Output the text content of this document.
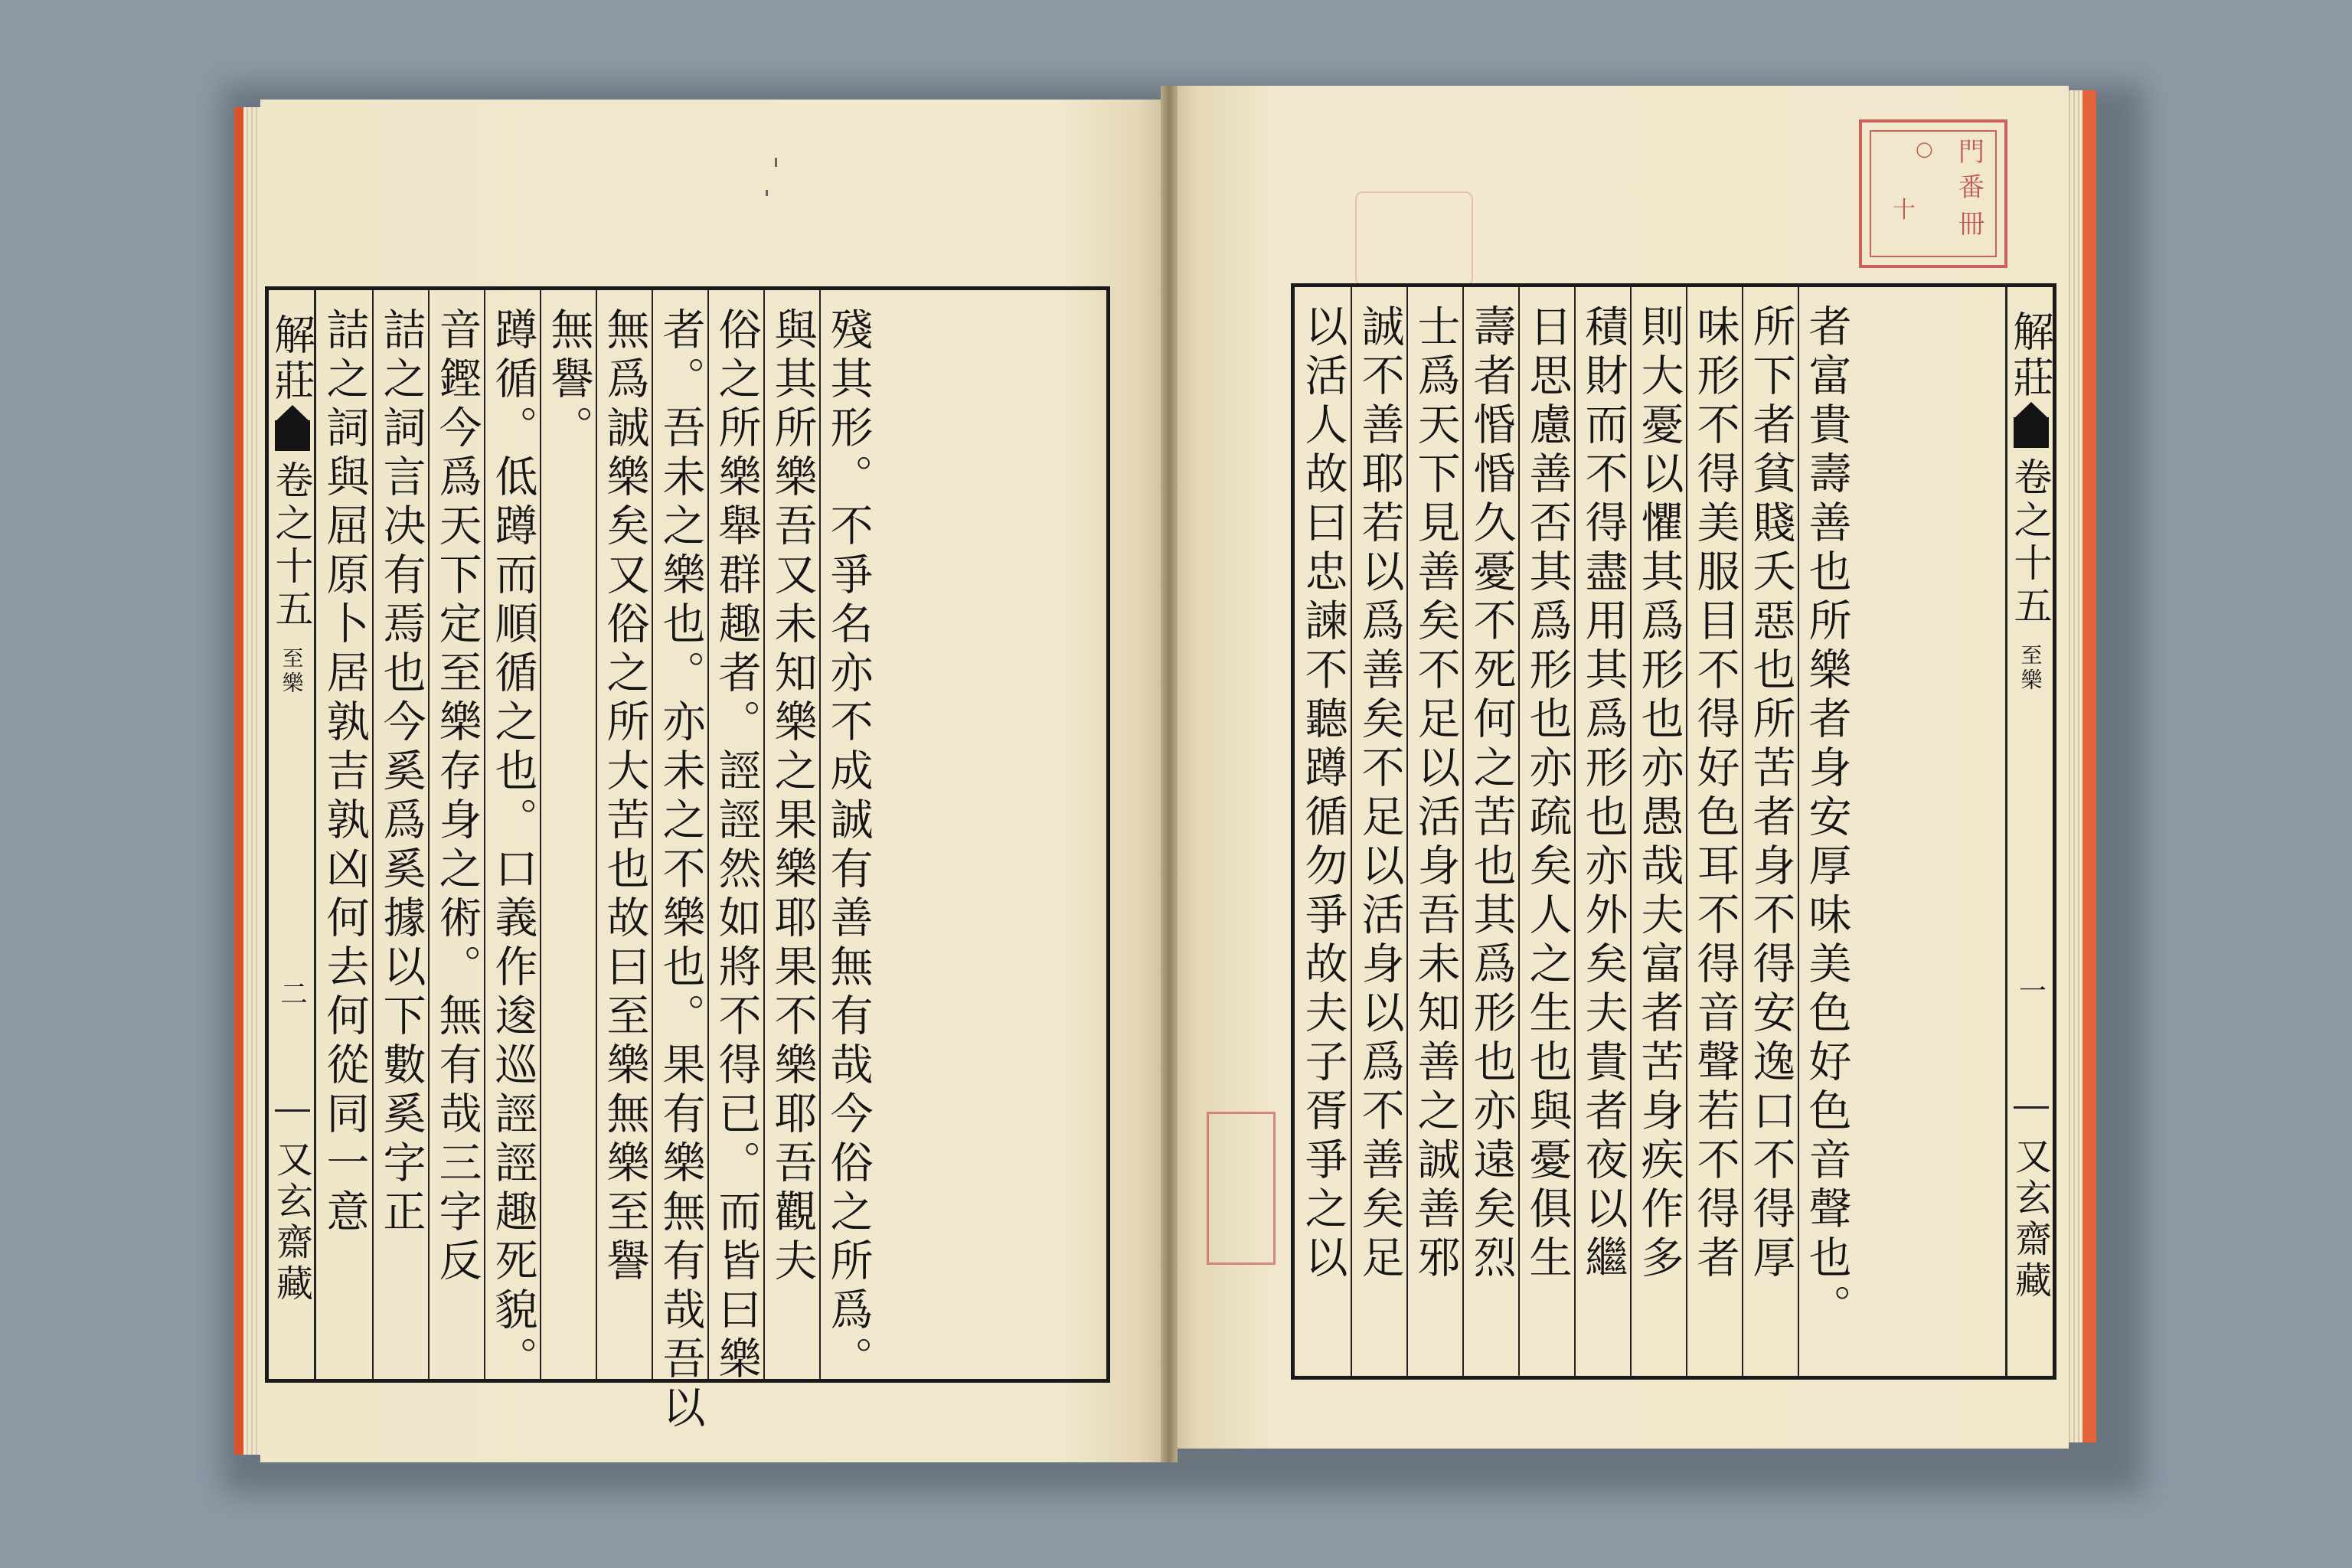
門
○
番
冊
十
解莊
卷之十五
至樂
二
又玄齋藏 詰之詞與屈原卜居孰吉孰凶何去何從同一意 詰之詞言决有焉也今奚爲奚據以下數奚字正 音鏗今爲天下定至樂存身之術。無有哉三字反 蹲循。低蹲而順循之也。口義作逡巡誙誙趣死貌。 無譽。 無爲誠樂矣又俗之所大苦也故曰至樂無樂至譽 者。吾未之樂也。亦未之不樂也。果有樂無有哉吾以 俗之所樂舉群趣者。誙誙然如將不得已。而皆曰樂 與其所樂吾又未知樂之果樂耶果不樂耶吾觀夫 殘其形。不爭名亦不成誠有善無有哉今俗之所爲。	以活人故曰忠諫不聽蹲循勿爭故夫子胥爭之以 誠不善耶若以爲善矣不足以活身以爲不善矣足 士爲天下見善矣不足以活身吾未知善之誠善邪 壽者惛惛久憂不死何之苦也其爲形也亦遠矣烈 日思慮善否其爲形也亦疏矣人之生也與憂俱生 積財而不得盡用其爲形也亦外矣夫貴者夜以繼 則大憂以懼其爲形也亦愚哉夫富者苦身疾作多 味形不得美服目不得好色耳不得音聲若不得者 所下者貧賤夭惡也所苦者身不得安逸口不得厚 者富貴壽善也所樂者身安厚味美色好色音聲也。	解莊
卷之十五
至樂
一
又玄齋藏
